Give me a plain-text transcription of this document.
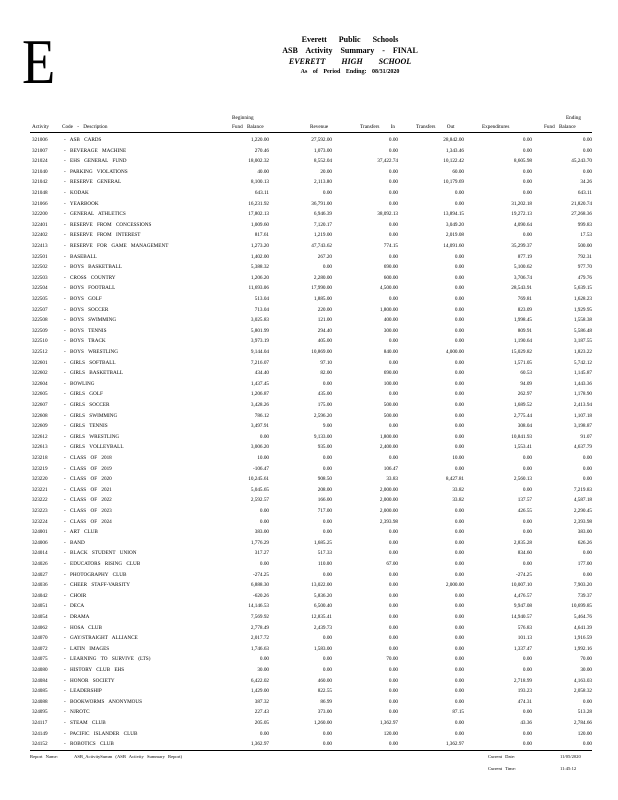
E	Everett Public Schools
ASB Activity Summary - FINAL
EVERETT HIGH SCHOOL
As of Period Ending: 08/31/2020
Activity Code - Description
Beginning
Fund Balance	Revenue	Transfers In	Transfers Out	Expenditures
Ending
Fund Balance
321006	- ASB CARDS	1,220.00	27,592.00	0.00	28,842.00	0.00	0.00
321007	- BEVERAGE MACHINE	270.46	1,073.00	0.00	1,343.46	0.00	0.00
321024	- EHS GENERAL FUND	18,002.32	8,552.04	37,422.74	10,122.42	8,605.98	45,243.70
321040	- PARKING VIOLATIONS	40.00	20.00	0.00	60.00	0.00	0.00
321042	- RESERVE GENERAL	8,100.13	2,113.80	0.00	10,179.69	0.00	34.26
321048	- KODAK	643.11	0.00	0.00	0.00	0.00	643.11
321066	- YEARBOOK	16,231.92	36,791.00	0.00	0.00	31,202.18	21,820.74
322200	- GENERAL ATHLETICS	17,802.13	6,946.39	38,092.13	13,894.15	19,272.13	27,268.36
322401	- RESERVE FROM CONCESSIONS	1,009.60	7,120.17	0.00	3,049.20	4,090.64	999.83
322402	- RESERVE FROM INTEREST	817.61	1,219.00	0.00	2,019.08	0.00	17.53
322413	- RESERVE FOR GAME MANAGEMENT	1,273.20	47,743.62	774.15	14,091.60	35,299.37	500.00
322501	- BASEBALL	1,402.00	267.20	0.00	0.00	877.19	792.31
322502	- BOYS BASKETBALL	5,388.32	0.00	690.00	0.00	5,100.62	977.70
322503	- CROSS COUNTRY	1,206.20	2,280.00	600.00	0.00	3,706.74	479.76
322504	- BOYS FOOTBALL	11,693.06	17,990.00	4,500.00	0.00	28,543.91	5,639.15
322505	- BOYS GOLF	513.04	1,885.00	0.00	0.00	769.81	1,628.23
322507	- BOYS SOCCER	713.04	220.00	1,800.00	0.00	823.09	1,929.95
322508	- BOYS SWIMMING	3,025.83	121.00	400.00	0.00	1,998.45	1,558.38
322509	- BOYS TENNIS	5,801.99	294.40	300.00	0.00	809.91	5,586.48
322510	- BOYS TRACK	3,973.19	405.00	0.00	0.00	1,190.64	3,187.55
322512	- BOYS WRESTLING	9,144.04	10,869.00	840.00	4,000.00	15,029.82	1,823.22
322601	- GIRLS SOFTBALL	7,216.07	97.10	0.00	0.00	1,571.05	5,742.12
322602	- GIRLS BASKETBALL	434.40	82.00	690.00	0.00	60.53	1,145.87
322604	- BOWLING	1,437.45	0.00	100.00	0.00	94.09	1,443.36
322605	- GIRLS GOLF	1,206.87	435.00	0.00	0.00	262.97	1,178.90
322607	- GIRLS SOCCER	3,428.26	175.00	500.00	0.00	1,689.52	2,413.94
322608	- GIRLS SWIMMING	786.12	2,596.20	500.00	0.00	2,775.44	1,107.18
322609	- GIRLS TENNIS	3,497.91	9.00	0.00	0.00	308.04	3,198.87
322612	- GIRLS WRESTLING	0.00	9,133.00	1,800.00	0.00	10,841.93	91.07
322613	- GIRLS VOLLEYBALL	3,006.20	935.00	2,400.00	0.00	1,553.41	4,637.79
323218	- CLASS OF 2018	10.00	0.00	0.00	10.00	0.00	0.00
323219	- CLASS OF 2019	-106.47	0.00	106.47	0.00	0.00	0.00
323220	- CLASS OF 2020	10,245.61	908.50	33.83	8,427.81	2,560.13	0.00
323221	- CLASS OF 2021	5,045.65	208.00	2,000.00	33.82	0.00	7,219.83
323222	- CLASS OF 2022	2,592.57	166.00	2,000.00	33.82	137.57	4,587.18
323223	- CLASS OF 2023	0.00	717.00	2,000.00	0.00	426.55	2,290.45
323224	- CLASS OF 2024	0.00	0.00	2,393.98	0.00	0.00	2,393.98
324001	- ART CLUB	383.00	0.00	0.00	0.00	0.00	383.00
324006	- BAND	1,776.29	1,685.25	0.00	0.00	2,835.28	626.26
324014	- BLACK STUDENT UNION	317.27	517.33	0.00	0.00	834.60	0.00
324026	- EDUCATORS RISING CLUB	0.00	110.00	67.00	0.00	0.00	177.00
324027	- PHOTOGRAPHY CLUB	-274.25	0.00	0.00	0.00	-274.25	0.00
324036	- CHEER STAFF-VARSITY	6,888.30	13,022.00	0.00	2,000.00	10,007.10	7,903.20
324042	- CHOIR	-620.26	5,836.20	0.00	0.00	4,476.57	739.37
324051	- DECA	14,146.53	6,500.40	0.00	0.00	9,947.08	10,699.85
324054	- DRAMA	7,569.92	12,835.41	0.00	0.00	14,940.57	5,464.76
324062	- HOSA CLUB	2,778.49	2,439.73	0.00	0.00	576.83	4,641.39
324070	- GAY/STRAIGHT ALLIANCE	2,017.72	0.00	0.00	0.00	101.13	1,916.59
324072	- LATIN IMAGES	1,746.63	1,583.00	0.00	0.00	1,337.47	1,992.16
324075	- LEARNING TO SURVIVE (LTS)	0.00	0.00	70.00	0.00	0.00	70.00
324080	- HISTORY CLUB EHS	30.00	0.00	0.00	0.00	0.00	30.00
324084	- HONOR SOCIETY	6,422.02	460.00	0.00	0.00	2,718.99	4,163.03
324085	- LEADERSHIP	1,429.00	822.55	0.00	0.00	193.23	2,058.32
324088	- BOOKWORMS ANONYMOUS	387.32	86.99	0.00	0.00	474.31	0.00
324095	- NJROTC	227.43	373.00	0.00	87.15	0.00	513.28
324117	- STEAM CLUB	205.05	1,260.00	1,362.97	0.00	43.36	2,784.66
324149	- PACIFIC ISLANDER CLUB	0.00	0.00	120.00	0.00	0.00	120.00
324152	- ROBOTICS CLUB	1,362.97	0.00	0.00	1,362.97	0.00	0.00
Report Name:	ASB_ActivitySumm (ASB Activity Summary Report)	Current Date:	11/05/2020
Current Time:	11:45:12
